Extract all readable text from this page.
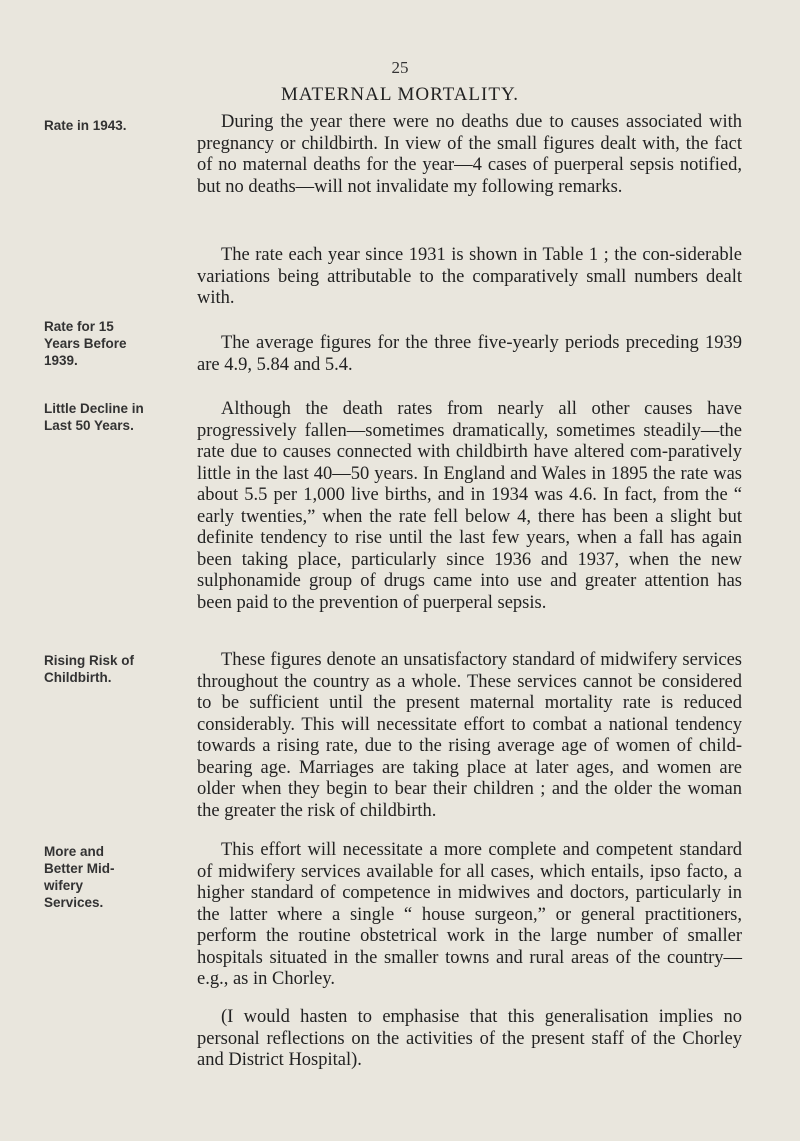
25
MATERNAL MORTALITY.
Rate in 1943.
Rate for 15 Years Before 1939.
Little Decline in Last 50 Years.
Rising Risk of Childbirth.
More and Better Mid-wifery Services.
During the year there were no deaths due to causes associated with pregnancy or childbirth. In view of the small figures dealt with, the fact of no maternal deaths for the year—4 cases of puerperal sepsis notified, but no deaths—will not invalidate my following remarks.
The rate each year since 1931 is shown in Table 1 ; the con-siderable variations being attributable to the comparatively small numbers dealt with.
The average figures for the three five-yearly periods preceding 1939 are 4.9, 5.84 and 5.4.
Although the death rates from nearly all other causes have progressively fallen—sometimes dramatically, sometimes steadily—the rate due to causes connected with childbirth have altered com-paratively little in the last 40—50 years. In England and Wales in 1895 the rate was about 5.5 per 1,000 live births, and in 1934 was 4.6. In fact, from the “ early twenties,” when the rate fell below 4, there has been a slight but definite tendency to rise until the last few years, when a fall has again been taking place, particularly since 1936 and 1937, when the new sulphonamide group of drugs came into use and greater attention has been paid to the prevention of puerperal sepsis.
These figures denote an unsatisfactory standard of midwifery services throughout the country as a whole. These services cannot be considered to be sufficient until the present maternal mortality rate is reduced considerably. This will necessitate effort to combat a national tendency towards a rising rate, due to the rising average age of women of child-bearing age. Marriages are taking place at later ages, and women are older when they begin to bear their children ; and the older the woman the greater the risk of childbirth.
This effort will necessitate a more complete and competent standard of midwifery services available for all cases, which entails, ipso facto, a higher standard of competence in midwives and doctors, particularly in the latter where a single “ house surgeon,” or general practitioners, perform the routine obstetrical work in the large number of smaller hospitals situated in the smaller towns and rural areas of the country—e.g., as in Chorley.
(I would hasten to emphasise that this generalisation implies no personal reflections on the activities of the present staff of the Chorley and District Hospital).
